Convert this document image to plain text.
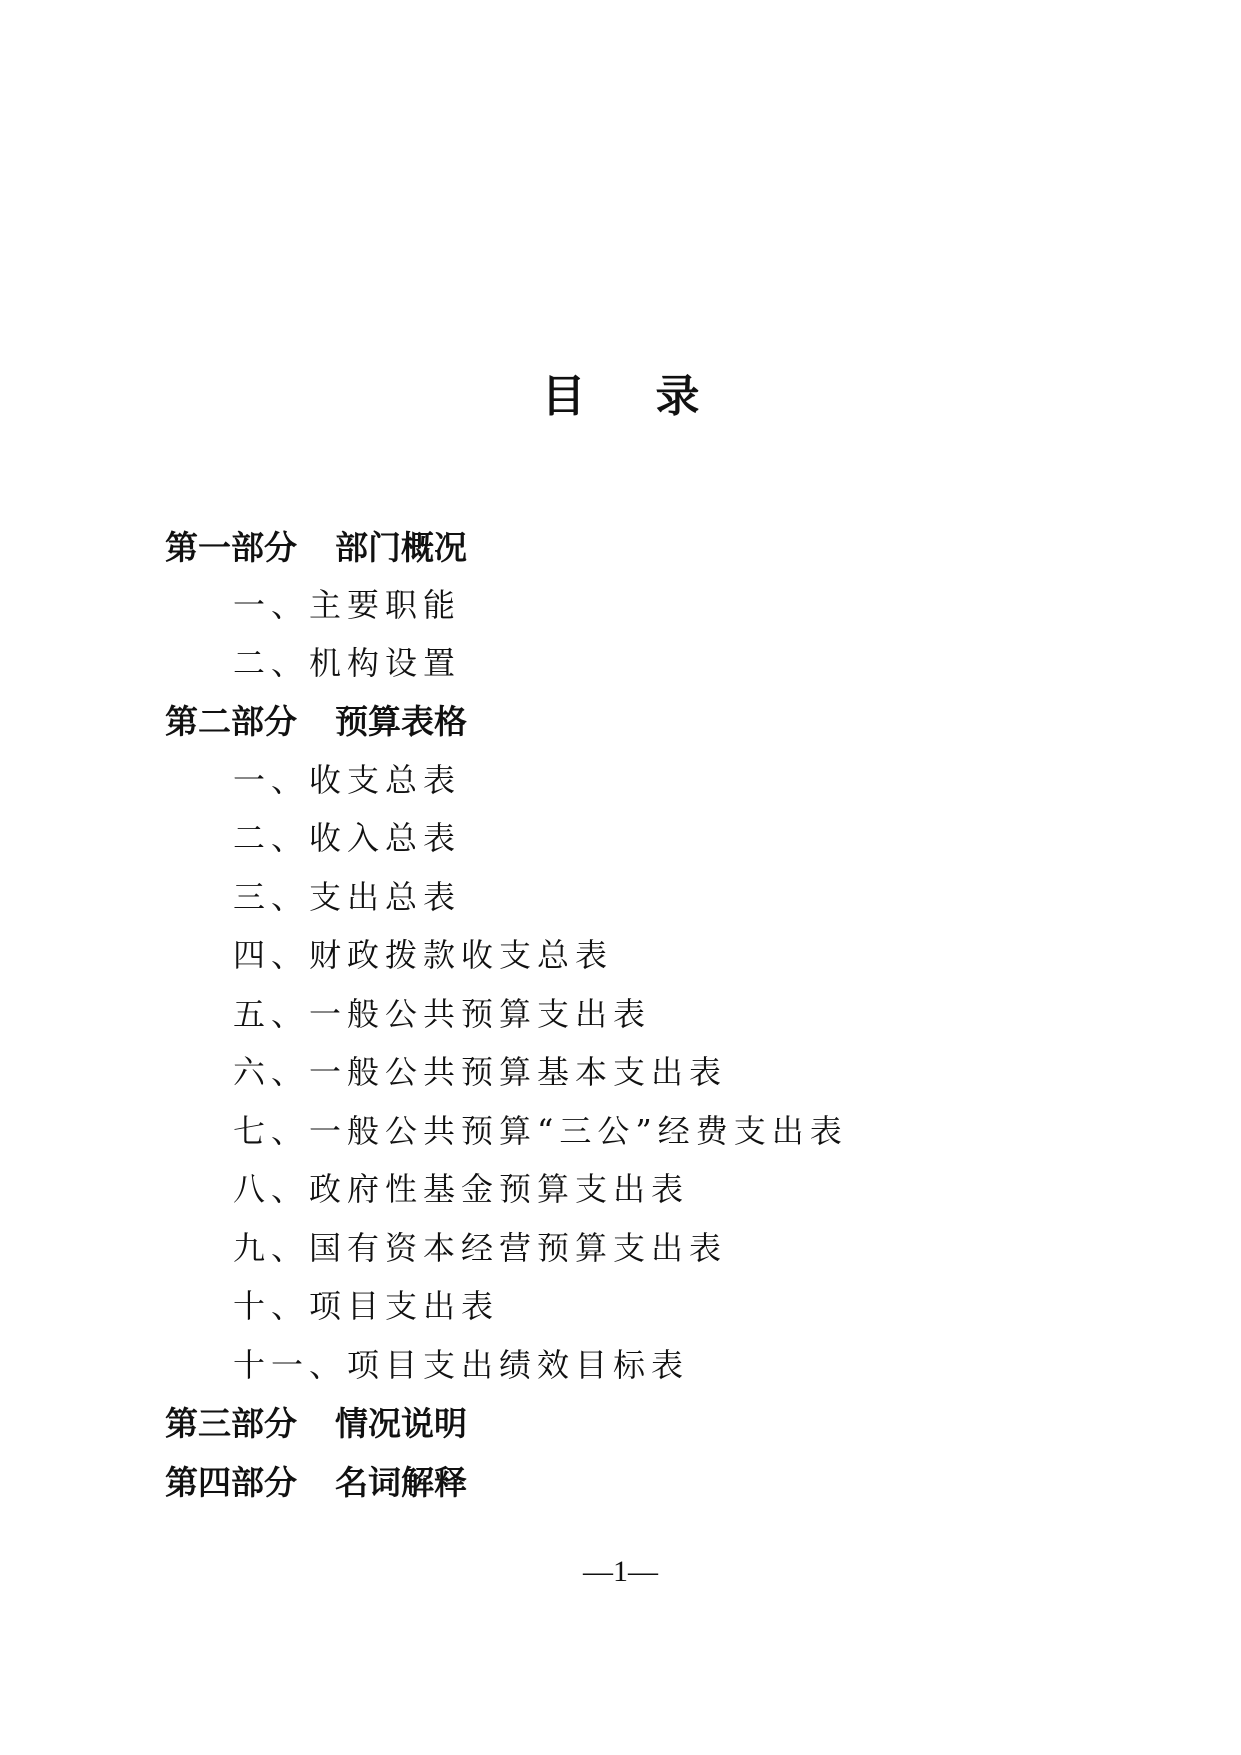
目 录
第一部分 部门概况
一、主要职能
二、机构设置
第二部分 预算表格
一、收支总表
二、收入总表
三、支出总表
四、财政拨款收支总表
五、一般公共预算支出表
六、一般公共预算基本支出表
七、一般公共预算“三公”经费支出表
八、政府性基金预算支出表
九、国有资本经营预算支出表
十、项目支出表
十一、项目支出绩效目标表
第三部分 情况说明
第四部分 名词解释
—1—
